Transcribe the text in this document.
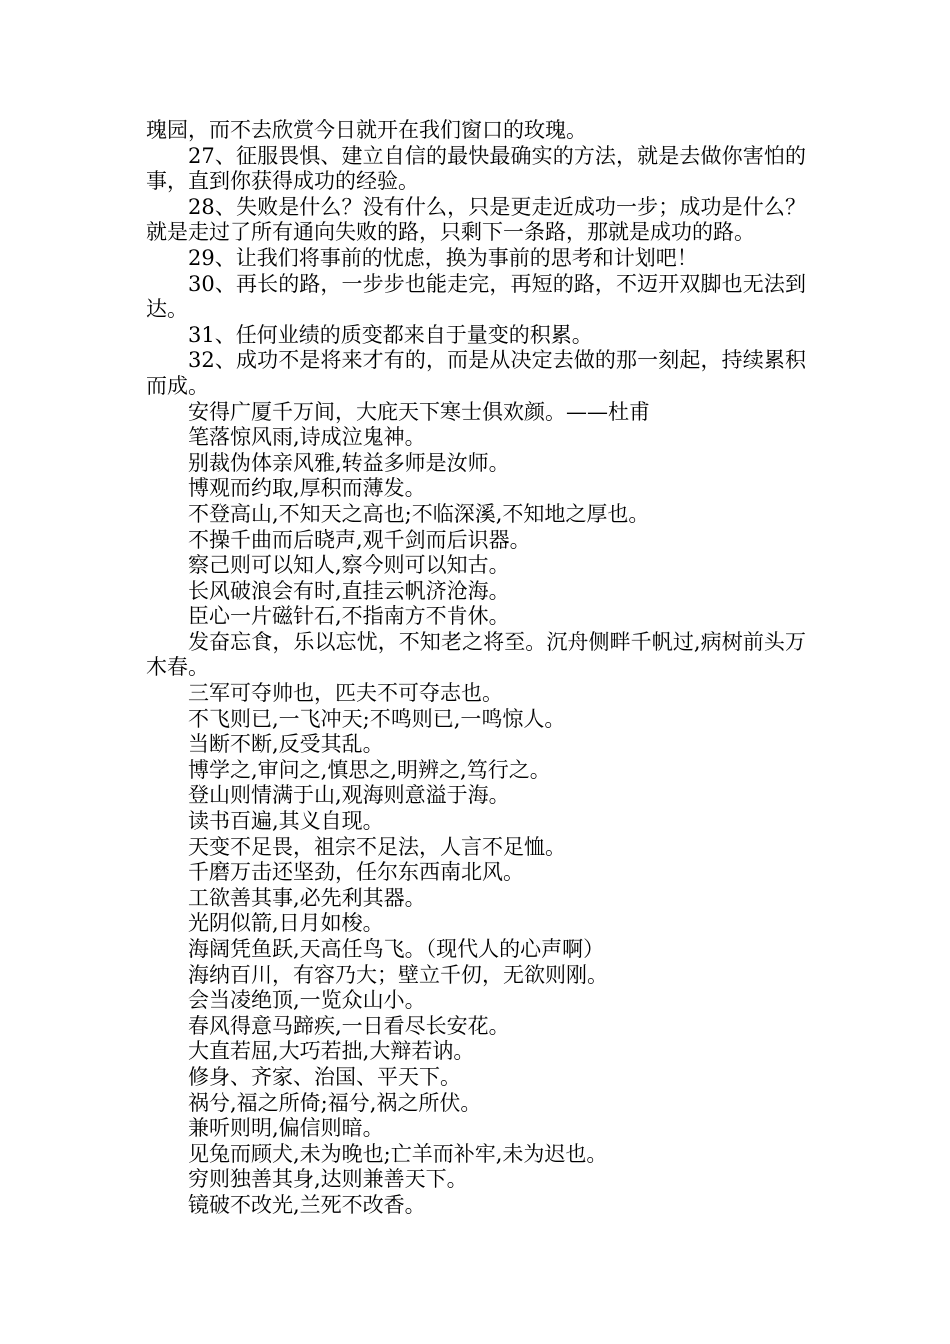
瑰园，而不去欣赏今日就开在我们窗口的玫瑰。

27、征服畏惧、建立自信的最快最确实的方法，就是去做你害怕的事，直到你获得成功的经验。

28、失败是什么？没有什么，只是更走近成功一步；成功是什么？就是走过了所有通向失败的路，只剩下一条路，那就是成功的路。

29、让我们将事前的忧虑，换为事前的思考和计划吧！

30、再长的路，一步步也能走完，再短的路，不迈开双脚也无法到达。

31、任何业绩的质变都来自于量变的积累。

32、成功不是将来才有的，而是从决定去做的那一刻起，持续累积而成。

安得广厦千万间，大庇天下寒士俱欢颜。——杜甫

笔落惊风雨,诗成泣鬼神。

别裁伪体亲风雅,转益多师是汝师。

博观而约取,厚积而薄发。

不登高山,不知天之高也;不临深溪,不知地之厚也。

不操千曲而后晓声,观千剑而后识器。

察己则可以知人,察今则可以知古。

长风破浪会有时,直挂云帆济沧海。

臣心一片磁针石,不指南方不肯休。

发奋忘食，乐以忘忧，不知老之将至。沉舟侧畔千帆过,病树前头万木春。

三军可夺帅也，匹夫不可夺志也。

不飞则已,一飞冲天;不鸣则已,一鸣惊人。

当断不断,反受其乱。

博学之,审问之,慎思之,明辨之,笃行之。

登山则情满于山,观海则意溢于海。

读书百遍,其义自现。

天变不足畏，祖宗不足法，人言不足恤。

千磨万击还坚劲，任尔东西南北风。

工欲善其事,必先利其器。

光阴似箭,日月如梭。

海阔凭鱼跃,天高任鸟飞。（现代人的心声啊）

海纳百川，有容乃大；壁立千仞，无欲则刚。

会当凌绝顶,一览众山小。

春风得意马蹄疾,一日看尽长安花。

大直若屈,大巧若拙,大辩若讷。

修身、齐家、治国、平天下。

祸兮,福之所倚;福兮,祸之所伏。

兼听则明,偏信则暗。

见兔而顾犬,未为晚也;亡羊而补牢,未为迟也。

穷则独善其身,达则兼善天下。

镜破不改光,兰死不改香。
